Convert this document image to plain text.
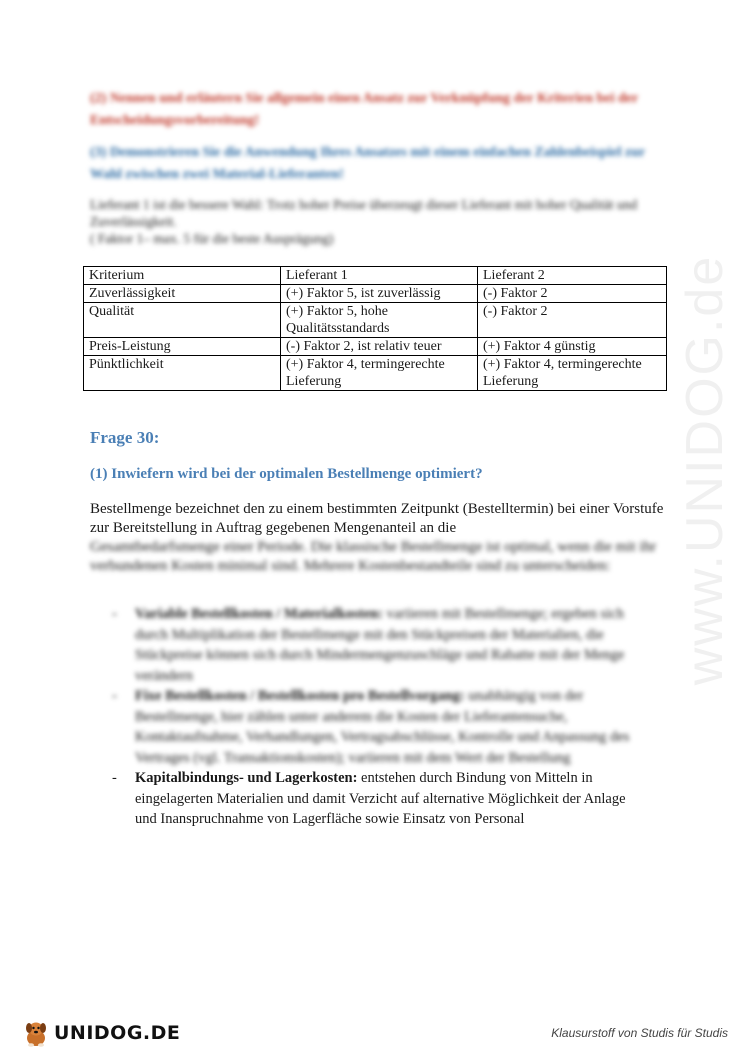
www.UNIDOG.de
(2) Nennen und erläutern Sie allgemein einen Ansatz zur Verknüpfung der Kriterien bei der Entscheidungsvorbereitung!
(3) Demonstrieren Sie die Anwendung Ihres Ansatzes mit einem einfachen Zahlenbeispiel zur Wahl zwischen zwei Material-Lieferanten!
Lieferant 1 ist die bessere Wahl: Trotz hoher Preise überzeugt dieser Lieferant mit hoher Qualität und Zuverlässigkeit.
( Faktor 1– max. 5 für die beste Ausprägung)
Kriterium	Lieferant 1	Lieferant 2
Zuverlässigkeit	(+) Faktor 5, ist zuverlässig	(-) Faktor 2
Qualität	(+) Faktor 5, hohe Qualitätsstandards	(-) Faktor 2
Preis-Leistung	(-) Faktor 2, ist relativ teuer	(+) Faktor 4 günstig
Pünktlichkeit	(+) Faktor 4, termingerechte Lieferung	(+) Faktor 4, termingerechte Lieferung
Frage 30:
(1) Inwiefern wird bei der optimalen Bestellmenge optimiert?
Bestellmenge bezeichnet den zu einem bestimmten Zeitpunkt (Bestelltermin) bei einer Vorstufe zur Bereitstellung in Auftrag gegebenen Mengenanteil an die
Gesamtbedarfsmenge einer Periode. Die klassische Bestellmenge ist optimal, wenn die mit ihr verbundenen Kosten minimal sind. Mehrere Kostenbestandteile sind zu unterscheiden:
- Variable Bestellkosten / Materialkosten: variieren mit Bestellmenge; ergeben sich durch Multiplikation der Bestellmenge mit den Stückpreisen der Materialien, die Stückpreise können sich durch Mindermengenzuschläge und Rabatte mit der Menge verändern
- Fixe Bestellkosten / Bestellkosten pro Bestellvorgang: unabhängig von der Bestellmenge, hier zählen unter anderem die Kosten der Lieferantensuche, Kontaktaufnahme, Verhandlungen, Vertragsabschlüsse, Kontrolle und Anpassung des Vertrages (vgl. Transaktionskosten); variieren mit dem Wert der Bestellung
- Kapitalbindungs- und Lagerkosten: entstehen durch Bindung von Mitteln in eingelagerten Materialien und damit Verzicht auf alternative Möglichkeit der Anlage und Inanspruchnahme von Lagerfläche sowie Einsatz von Personal
UNIDOG.DE	Klausurstoff von Studis für Studis
